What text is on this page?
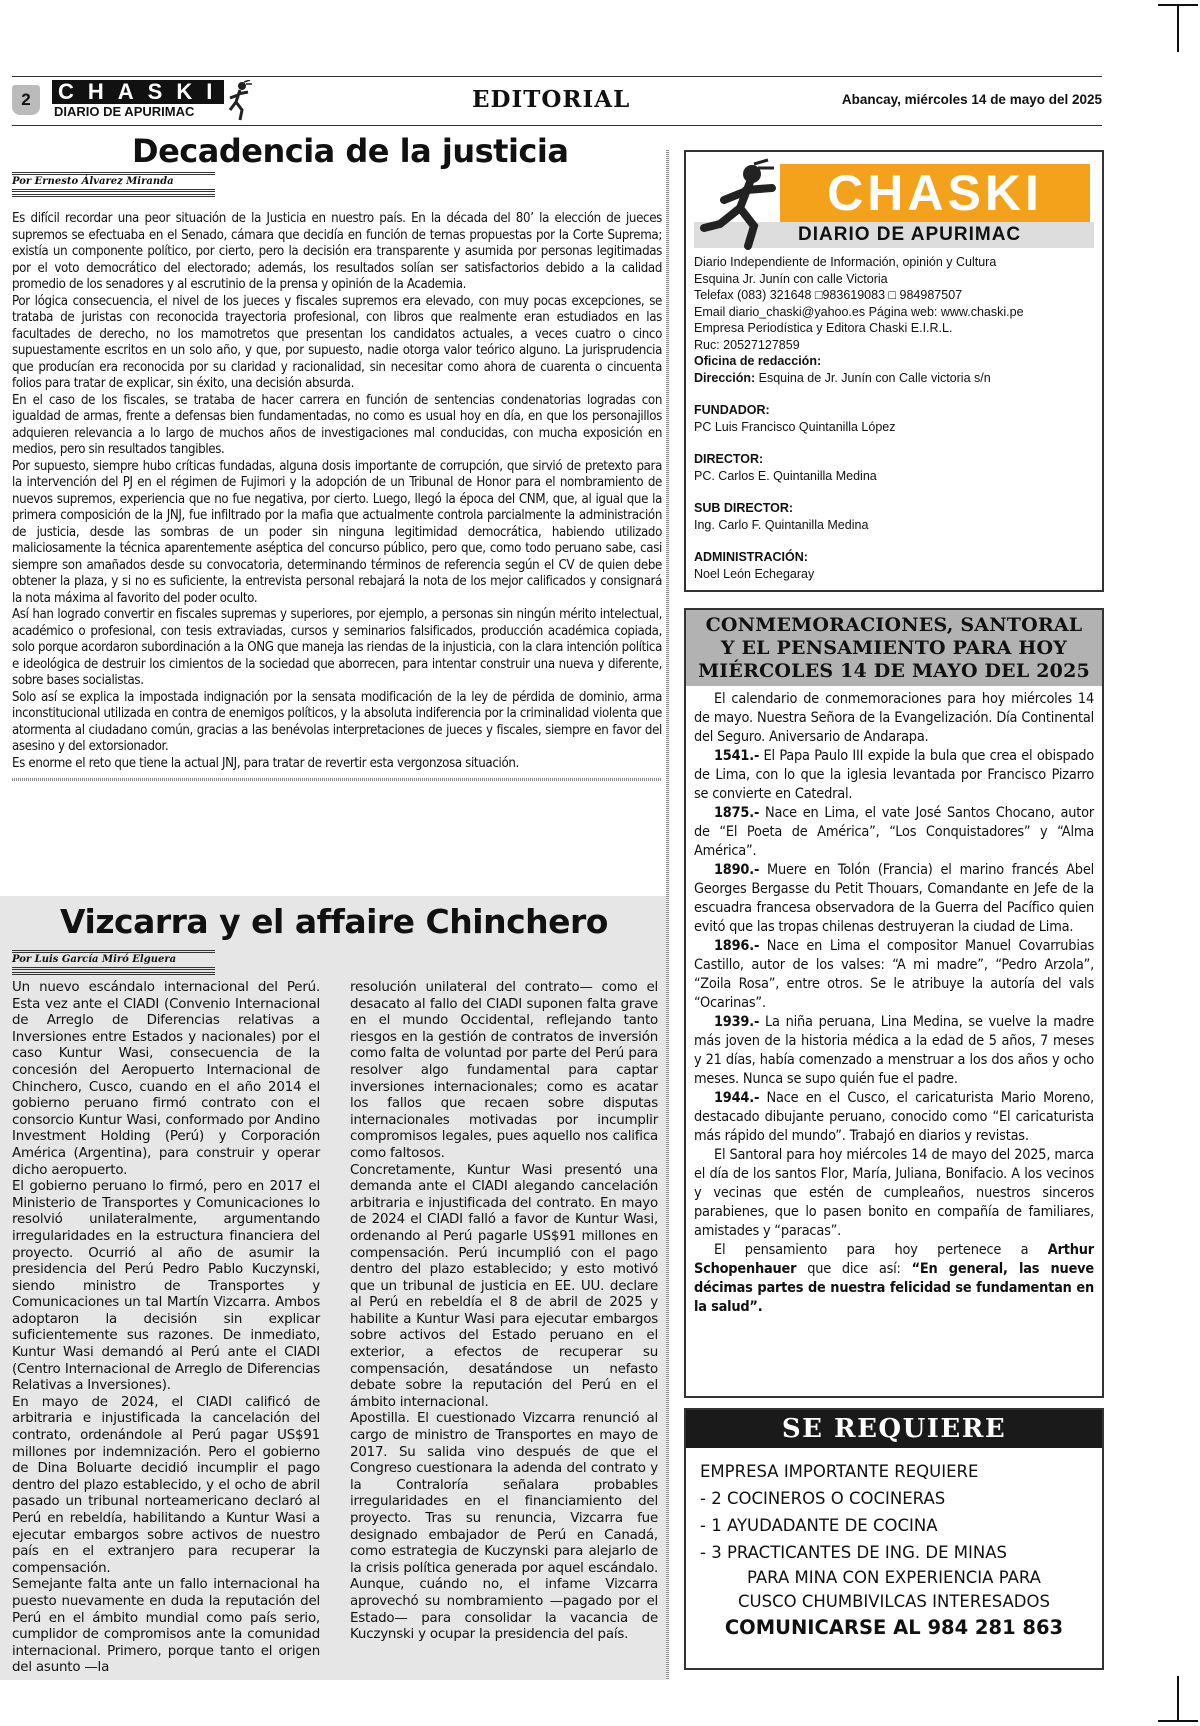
2	CHASKI
DIARIO DE APURIMAC	EDITORIAL	Abancay, miércoles 14 de mayo del 2025
Decadencia de la justicia
Por Ernesto Álvarez Miranda

Es difícil recordar una peor situación de la Justicia en nuestro país. En la década del 80’ la elección de jueces supremos se efectuaba en el Senado, cámara que decidía en función de ternas propuestas por la Corte Suprema; existía un componente político, por cierto, pero la decisión era transparente y asumida por personas legitimadas por el voto democrático del electorado; además, los resultados solían ser satisfactorios debido a la calidad promedio de los senadores y al escrutinio de la prensa y opinión de la Academia.

Por lógica consecuencia, el nivel de los jueces y fiscales supremos era elevado, con muy pocas excepciones, se trataba de juristas con reconocida trayectoria profesional, con libros que realmente eran estudiados en las facultades de derecho, no los mamotretos que presentan los candidatos actuales, a veces cuatro o cinco supuestamente escritos en un solo año, y que, por supuesto, nadie otorga valor teórico alguno. La jurisprudencia que producían era reconocida por su claridad y racionalidad, sin necesitar como ahora de cuarenta o cincuenta folios para tratar de explicar, sin éxito, una decisión absurda.

En el caso de los fiscales, se trataba de hacer carrera en función de sentencias condenatorias logradas con igualdad de armas, frente a defensas bien fundamentadas, no como es usual hoy en día, en que los personajillos adquieren relevancia a lo largo de muchos años de investigaciones mal conducidas, con mucha exposición en medios, pero sin resultados tangibles.

Por supuesto, siempre hubo críticas fundadas, alguna dosis importante de corrupción, que sirvió de pretexto para la intervención del PJ en el régimen de Fujimori y la adopción de un Tribunal de Honor para el nombramiento de nuevos supremos, experiencia que no fue negativa, por cierto. Luego, llegó la época del CNM, que, al igual que la primera composición de la JNJ, fue infiltrado por la mafia que actualmente controla parcialmente la administración de justicia, desde las sombras de un poder sin ninguna legitimidad democrática, habiendo utilizado maliciosamente la técnica aparentemente aséptica del concurso público, pero que, como todo peruano sabe, casi siempre son amañados desde su convocatoria, determinando términos de referencia según el CV de quien debe obtener la plaza, y si no es suficiente, la entrevista personal rebajará la nota de los mejor calificados y consignará la nota máxima al favorito del poder oculto.

Así han logrado convertir en fiscales supremas y superiores, por ejemplo, a personas sin ningún mérito intelectual, académico o profesional, con tesis extraviadas, cursos y seminarios falsificados, producción académica copiada, solo porque acordaron subordinación a la ONG que maneja las riendas de la injusticia, con la clara intención política e ideológica de destruir los cimientos de la sociedad que aborrecen, para intentar construir una nueva y diferente, sobre bases socialistas.

Solo así se explica la impostada indignación por la sensata modificación de la ley de pérdida de dominio, arma inconstitucional utilizada en contra de enemigos políticos, y la absoluta indiferencia por la criminalidad violenta que atormenta al ciudadano común, gracias a las benévolas interpretaciones de jueces y fiscales, siempre en favor del asesino y del extorsionador.

Es enorme el reto que tiene la actual JNJ, para tratar de revertir esta vergonzosa situación.

Vizcarra y el affaire Chinchero
Por Luis García Miró Elguera

Un nuevo escándalo internacional del Perú. Esta vez ante el CIADI (Convenio Internacional de Arreglo de Diferencias relativas a Inversiones entre Estados y nacionales) por el caso Kuntur Wasi, consecuencia de la concesión del Aeropuerto Internacional de Chinchero, Cusco, cuando en el año 2014 el gobierno peruano firmó contrato con el consorcio Kuntur Wasi, conformado por Andino Investment Holding (Perú) y Corporación América (Argentina), para construir y operar dicho aeropuerto.

El gobierno peruano lo firmó, pero en 2017 el Ministerio de Transportes y Comunicaciones lo resolvió unilateralmente, argumentando irregularidades en la estructura financiera del proyecto. Ocurrió al año de asumir la presidencia del Perú Pedro Pablo Kuczynski, siendo ministro de Transportes y Comunicaciones un tal Martín Vizcarra. Ambos adoptaron la decisión sin explicar suficientemente sus razones. De inmediato, Kuntur Wasi demandó al Perú ante el CIADI (Centro Internacional de Arreglo de Diferencias Relativas a Inversiones).

En mayo de 2024, el CIADI calificó de arbitraria e injustificada la cancelación del contrato, ordenándole al Perú pagar US$91 millones por indemnización. Pero el gobierno de Dina Boluarte decidió incumplir el pago dentro del plazo establecido, y el ocho de abril pasado un tribunal norteamericano declaró al Perú en rebeldía, habilitando a Kuntur Wasi a ejecutar embargos sobre activos de nuestro país en el extranjero para recuperar la compensación.

Semejante falta ante un fallo internacional ha puesto nuevamente en duda la reputación del Perú en el ámbito mundial como país serio, cumplidor de compromisos ante la comunidad internacional. Primero, porque tanto el origen del asunto —la

resolución unilateral del contrato— como el desacato al fallo del CIADI suponen falta grave en el mundo Occidental, reflejando tanto riesgos en la gestión de contratos de inversión como falta de voluntad por parte del Perú para resolver algo fundamental para captar inversiones internacionales; como es acatar los fallos que recaen sobre disputas internacionales motivadas por incumplir compromisos legales, pues aquello nos califica como faltosos.

Concretamente, Kuntur Wasi presentó una demanda ante el CIADI alegando cancelación arbitraria e injustificada del contrato. En mayo de 2024 el CIADI falló a favor de Kuntur Wasi, ordenando al Perú pagarle US$91 millones en compensación. Perú incumplió con el pago dentro del plazo establecido; y esto motivó que un tribunal de justicia en EE. UU. declare al Perú en rebeldía el 8 de abril de 2025 y habilite a Kuntur Wasi para ejecutar embargos sobre activos del Estado peruano en el exterior, a efectos de recuperar su compensación, desatándose un nefasto debate sobre la reputación del Perú en el ámbito internacional.

Apostilla. El cuestionado Vizcarra renunció al cargo de ministro de Transportes en mayo de 2017. Su salida vino después de que el Congreso cuestionara la adenda del contrato y la Contraloría señalara probables irregularidades en el financiamiento del proyecto. Tras su renuncia, Vizcarra fue designado embajador de Perú en Canadá, como estrategia de Kuczynski para alejarlo de la crisis política generada por aquel escándalo. Aunque, cuándo no, el infame Vizcarra aprovechó su nombramiento —pagado por el Estado— para consolidar la vacancia de Kuczynski y ocupar la presidencia del país.

CHASKI
DIARIO DE APURIMAC
Diario Independiente de Información, opinión y Cultura
Esquina Jr. Junín con calle Victoria
Telefax (083) 321648 □983619083 □ 984987507
Email diario_chaski@yahoo.es Página web: www.chaski.pe
Empresa Periodística y Editora Chaski E.I.R.L.
Ruc: 20527127859
Oficina de redacción:
Dirección: Esquina de Jr. Junín con Calle victoria s/n
FUNDADOR:
PC Luis Francisco Quintanilla López
DIRECTOR:
PC. Carlos E. Quintanilla Medina
SUB DIRECTOR:
Ing. Carlo F. Quintanilla Medina
ADMINISTRACIÓN:
Noel León Echegaray
CONMEMORACIONES, SANTORAL
Y EL PENSAMIENTO PARA HOY
MIÉRCOLES 14 DE MAYO DEL 2025

El calendario de conmemoraciones para hoy miércoles 14 de mayo. Nuestra Señora de la Evangelización. Día Continental del Seguro. Aniversario de Andarapa.

1541.- El Papa Paulo III expide la bula que crea el obispado de Lima, con lo que la iglesia levantada por Francisco Pizarro se convierte en Catedral.

1875.- Nace en Lima, el vate José Santos Chocano, autor de “El Poeta de América”, “Los Conquistadores” y “Alma América”.

1890.- Muere en Tolón (Francia) el marino francés Abel Georges Bergasse du Petit Thouars, Comandante en Jefe de la escuadra francesa observadora de la Guerra del Pacífico quien evitó que las tropas chilenas destruyeran la ciudad de Lima.

1896.- Nace en Lima el compositor Manuel Covarrubias Castillo, autor de los valses: “A mi madre”, “Pedro Arzola”, “Zoila Rosa”, entre otros. Se le atribuye la autoría del vals “Ocarinas”.

1939.- La niña peruana, Lina Medina, se vuelve la madre más joven de la historia médica a la edad de 5 años, 7 meses y 21 días, había comenzado a menstruar a los dos años y ocho meses. Nunca se supo quién fue el padre.

1944.- Nace en el Cusco, el caricaturista Mario Moreno, destacado dibujante peruano, conocido como “El caricaturista más rápido del mundo”. Trabajó en diarios y revistas.

El Santoral para hoy miércoles 14 de mayo del 2025, marca el día de los santos Flor, María, Juliana, Bonifacio. A los vecinos y vecinas que estén de cumpleaños, nuestros sinceros parabienes, que lo pasen bonito en compañía de familiares, amistades y “paracas”.

El pensamiento para hoy pertenece a Arthur Schopenhauer que dice así: “En general, las nueve décimas partes de nuestra felicidad se fundamentan en la salud”.

SE REQUIERE
EMPRESA IMPORTANTE REQUIERE
- 2 COCINEROS O COCINERAS
- 1 AYUDADANTE DE COCINA
- 3 PRACTICANTES DE ING. DE MINAS
PARA MINA CON EXPERIENCIA PARA
CUSCO CHUMBIVILCAS INTERESADOS
COMUNICARSE AL 984 281 863
